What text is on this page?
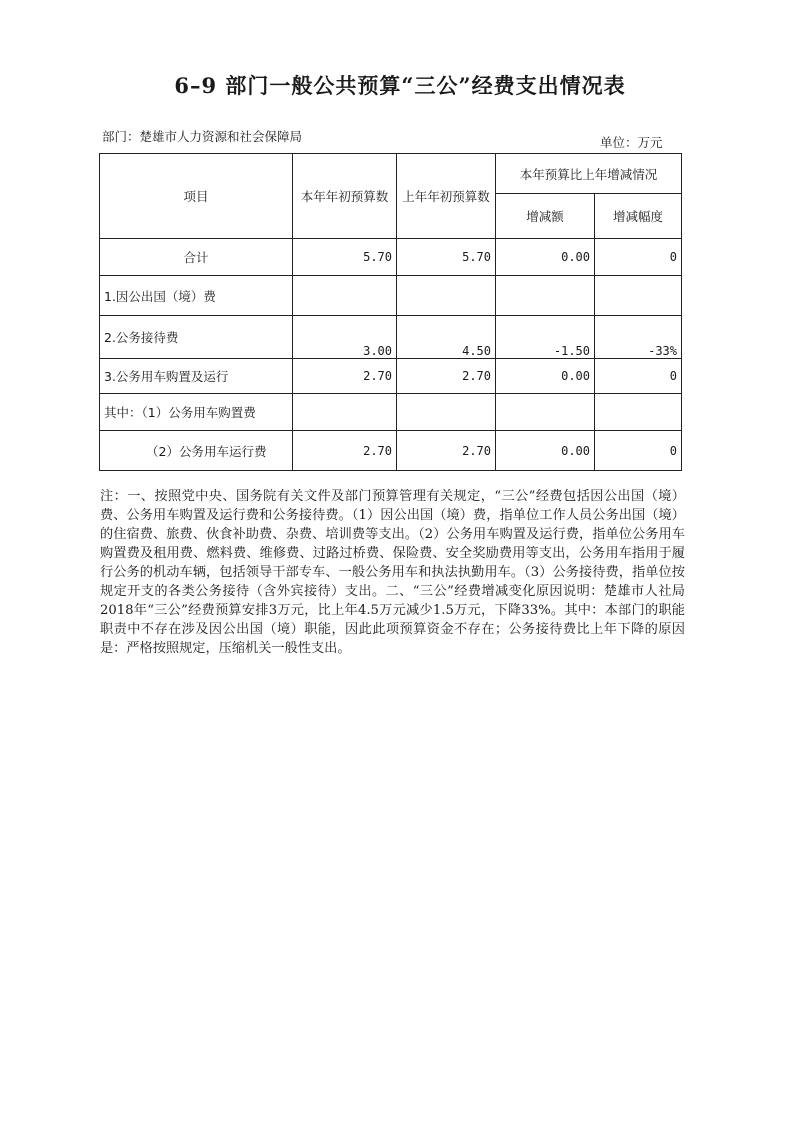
6–9 部门一般公共预算“三公”经费支出情况表
部门：楚雄市人力资源和社会保障局	单位：万元
项目	本年年初预算数	上年年初预算数	本年预算比上年增减情况	
			增减额	增减幅度
合计	5.70	5.70	0.00	0
1.因公出国（境）费				
2.公务接待费	3.00	4.50	-1.50	-33%
3.公务用车购置及运行	2.70	2.70	0.00	0
其中：（1）公务用车购置费				
（2）公务用车运行费	2.70	2.70	0.00	0

注：一、按照党中央、国务院有关文件及部门预算管理有关规定，“三公”经费包括因公出国（境）费、公务用车购置及运行费和公务接待费。（1）因公出国（境）费，指单位工作人员公务出国（境）的住宿费、旅费、伙食补助费、杂费、培训费等支出。（2）公务用车购置及运行费，指单位公务用车购置费及租用费、燃料费、维修费、过路过桥费、保险费、安全奖励费用等支出，公务用车指用于履行公务的机动车辆，包括领导干部专车、一般公务用车和执法执勤用车。（3）公务接待费，指单位按规定开支的各类公务接待（含外宾接待）支出。二、“三公”经费增减变化原因说明：楚雄市人社局2018年“三公”经费预算安排3万元，比上年4.5万元减少1.5万元，下降33%。其中：本部门的职能职责中不存在涉及因公出国（境）职能，因此此项预算资金不存在；公务接待费比上年下降的原因是：严格按照规定，压缩机关一般性支出。
